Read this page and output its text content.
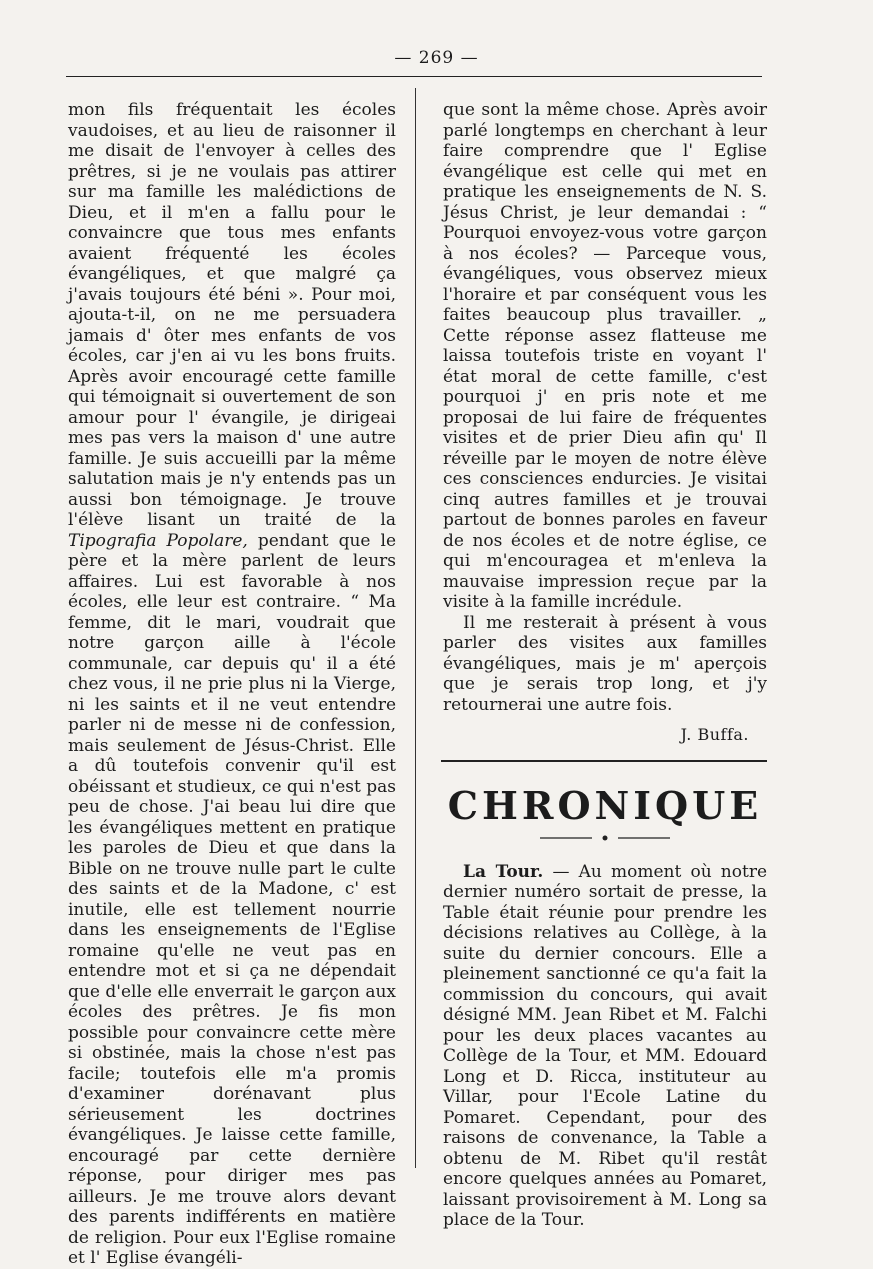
— 269 —

mon fils fréquentait les écoles vaudoises, et au lieu de raisonner il me disait de l'envoyer à celles des prêtres, si je ne voulais pas attirer sur ma famille les malédictions de Dieu, et il m'en a fallu pour le convaincre que tous mes enfants avaient fréquenté les écoles évangéliques, et que malgré ça j'avais toujours été béni ». Pour moi, ajouta-t-il, on ne me persuadera jamais d' ôter mes enfants de vos écoles, car j'en ai vu les bons fruits. Après avoir encouragé cette famille qui témoignait si ouvertement de son amour pour l' évangile, je dirigeai mes pas vers la maison d' une autre famille. Je suis accueilli par la même salutation mais je n'y entends pas un aussi bon témoignage. Je trouve l'élève lisant un traité de la Tipografia Popolare, pendant que le père et la mère parlent de leurs affaires. Lui est favorable à nos écoles, elle leur est contraire. “ Ma femme, dit le mari, voudrait que notre garçon aille à l'école communale, car depuis qu' il a été chez vous, il ne prie plus ni la Vierge, ni les saints et il ne veut entendre parler ni de messe ni de confession, mais seulement de Jésus-Christ. Elle a dû toutefois convenir qu'il est obéissant et studieux, ce qui n'est pas peu de chose. J'ai beau lui dire que les évangéliques mettent en pratique les paroles de Dieu et que dans la Bible on ne trouve nulle part le culte des saints et de la Madone, c' est inutile, elle est tellement nourrie dans les enseignements de l'Eglise romaine qu'elle ne veut pas en entendre mot et si ça ne dépendait que d'elle elle enverrait le garçon aux écoles des prêtres. Je fis mon possible pour convaincre cette mère si obstinée, mais la chose n'est pas facile; toutefois elle m'a promis d'examiner dorénavant plus sérieusement les doctrines évangéliques. Je laisse cette famille, encouragé par cette dernière réponse, pour diriger mes pas ailleurs. Je me trouve alors devant des parents indifférents en matière de religion. Pour eux l'Eglise romaine et l' Eglise évangéli-

que sont la même chose. Après avoir parlé longtemps en cherchant à leur faire comprendre que l' Eglise évangélique est celle qui met en pratique les enseignements de N. S. Jésus Christ, je leur demandai : “ Pourquoi envoyez-vous votre garçon à nos écoles? — Parceque vous, évangéliques, vous observez mieux l'horaire et par conséquent vous les faites beaucoup plus travailler. „ Cette réponse assez flatteuse me laissa toutefois triste en voyant l' état moral de cette famille, c'est pourquoi j' en pris note et me proposai de lui faire de fréquentes visites et de prier Dieu afin qu' Il réveille par le moyen de notre élève ces consciences endurcies. Je visitai cinq autres familles et je trouvai partout de bonnes paroles en faveur de nos écoles et de notre église, ce qui m'encouragea et m'enleva la mauvaise impression reçue par la visite à la famille incrédule.

Il me resterait à présent à vous parler des visites aux familles évangéliques, mais je m' aperçois que je serais trop long, et j'y retournerai une autre fois.

J. Buffa.
CHRONIQUE

La Tour. — Au moment où notre dernier numéro sortait de presse, la Table était réunie pour prendre les décisions relatives au Collège, à la suite du dernier concours. Elle a pleinement sanctionné ce qu'a fait la commission du concours, qui avait désigné MM. Jean Ribet et M. Falchi pour les deux places vacantes au Collège de la Tour, et MM. Edouard Long et D. Ricca, instituteur au Villar, pour l'Ecole Latine du Pomaret. Cependant, pour des raisons de convenance, la Table a obtenu de M. Ribet qu'il restât encore quelques années au Pomaret, laissant provisoirement à M. Long sa place de la Tour.
